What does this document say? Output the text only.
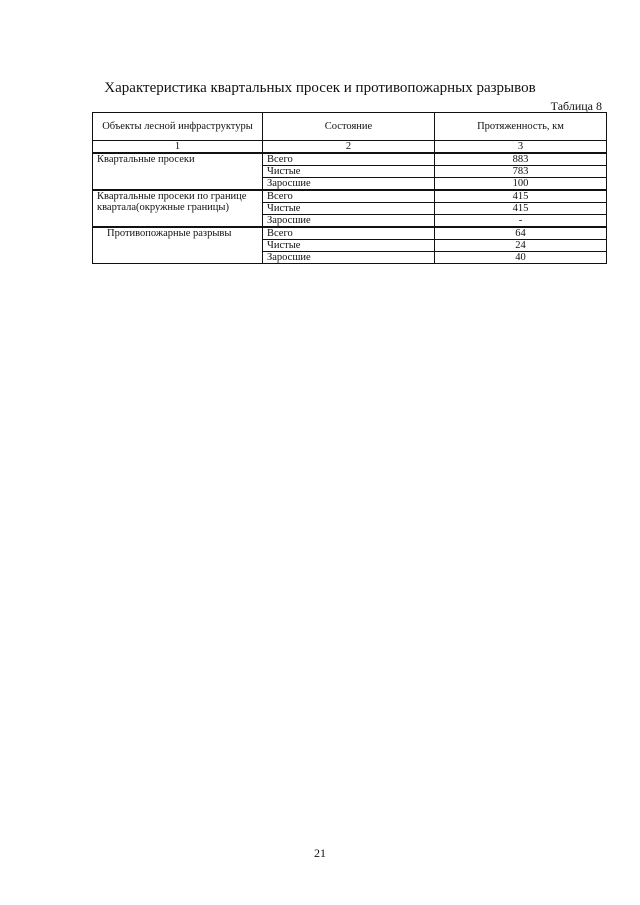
Характеристика квартальных просек и противопожарных разрывов
Таблица 8
Объекты лесной инфраструктуры	Состояние	Протяженность, км
1	2	3
Квартальные просеки	Всего	883
	Чистые	783
	Заросшие	100
Квартальные просеки по границе квартала(окружные границы)	Всего	415
	Чистые	415
	Заросшие	-
Противопожарные разрывы	Всего	64
	Чистые	24
	Заросшие	40
21
